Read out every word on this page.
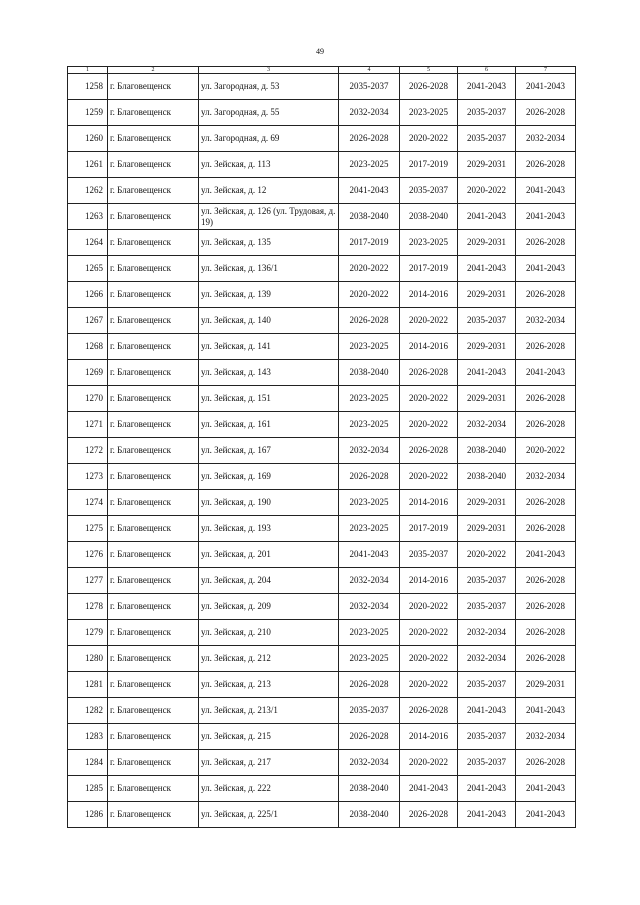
49
1	2	3	4	5	6	7
1258	г. Благовещенск	ул. Загородная, д. 53	2035-2037	2026-2028	2041-2043	2041-2043
1259	г. Благовещенск	ул. Загородная, д. 55	2032-2034	2023-2025	2035-2037	2026-2028
1260	г. Благовещенск	ул. Загородная, д. 69	2026-2028	2020-2022	2035-2037	2032-2034
1261	г. Благовещенск	ул. Зейская, д. 113	2023-2025	2017-2019	2029-2031	2026-2028
1262	г. Благовещенск	ул. Зейская, д. 12	2041-2043	2035-2037	2020-2022	2041-2043
1263	г. Благовещенск	ул. Зейская, д. 126 (ул. Трудовая, д. 19)	2038-2040	2038-2040	2041-2043	2041-2043
1264	г. Благовещенск	ул. Зейская, д. 135	2017-2019	2023-2025	2029-2031	2026-2028
1265	г. Благовещенск	ул. Зейская, д. 136/1	2020-2022	2017-2019	2041-2043	2041-2043
1266	г. Благовещенск	ул. Зейская, д. 139	2020-2022	2014-2016	2029-2031	2026-2028
1267	г. Благовещенск	ул. Зейская, д. 140	2026-2028	2020-2022	2035-2037	2032-2034
1268	г. Благовещенск	ул. Зейская, д. 141	2023-2025	2014-2016	2029-2031	2026-2028
1269	г. Благовещенск	ул. Зейская, д. 143	2038-2040	2026-2028	2041-2043	2041-2043
1270	г. Благовещенск	ул. Зейская, д. 151	2023-2025	2020-2022	2029-2031	2026-2028
1271	г. Благовещенск	ул. Зейская, д. 161	2023-2025	2020-2022	2032-2034	2026-2028
1272	г. Благовещенск	ул. Зейская, д. 167	2032-2034	2026-2028	2038-2040	2020-2022
1273	г. Благовещенск	ул. Зейская, д. 169	2026-2028	2020-2022	2038-2040	2032-2034
1274	г. Благовещенск	ул. Зейская, д. 190	2023-2025	2014-2016	2029-2031	2026-2028
1275	г. Благовещенск	ул. Зейская, д. 193	2023-2025	2017-2019	2029-2031	2026-2028
1276	г. Благовещенск	ул. Зейская, д. 201	2041-2043	2035-2037	2020-2022	2041-2043
1277	г. Благовещенск	ул. Зейская, д. 204	2032-2034	2014-2016	2035-2037	2026-2028
1278	г. Благовещенск	ул. Зейская, д. 209	2032-2034	2020-2022	2035-2037	2026-2028
1279	г. Благовещенск	ул. Зейская, д. 210	2023-2025	2020-2022	2032-2034	2026-2028
1280	г. Благовещенск	ул. Зейская, д. 212	2023-2025	2020-2022	2032-2034	2026-2028
1281	г. Благовещенск	ул. Зейская, д. 213	2026-2028	2020-2022	2035-2037	2029-2031
1282	г. Благовещенск	ул. Зейская, д. 213/1	2035-2037	2026-2028	2041-2043	2041-2043
1283	г. Благовещенск	ул. Зейская, д. 215	2026-2028	2014-2016	2035-2037	2032-2034
1284	г. Благовещенск	ул. Зейская, д. 217	2032-2034	2020-2022	2035-2037	2026-2028
1285	г. Благовещенск	ул. Зейская, д. 222	2038-2040	2041-2043	2041-2043	2041-2043
1286	г. Благовещенск	ул. Зейская, д. 225/1	2038-2040	2026-2028	2041-2043	2041-2043
